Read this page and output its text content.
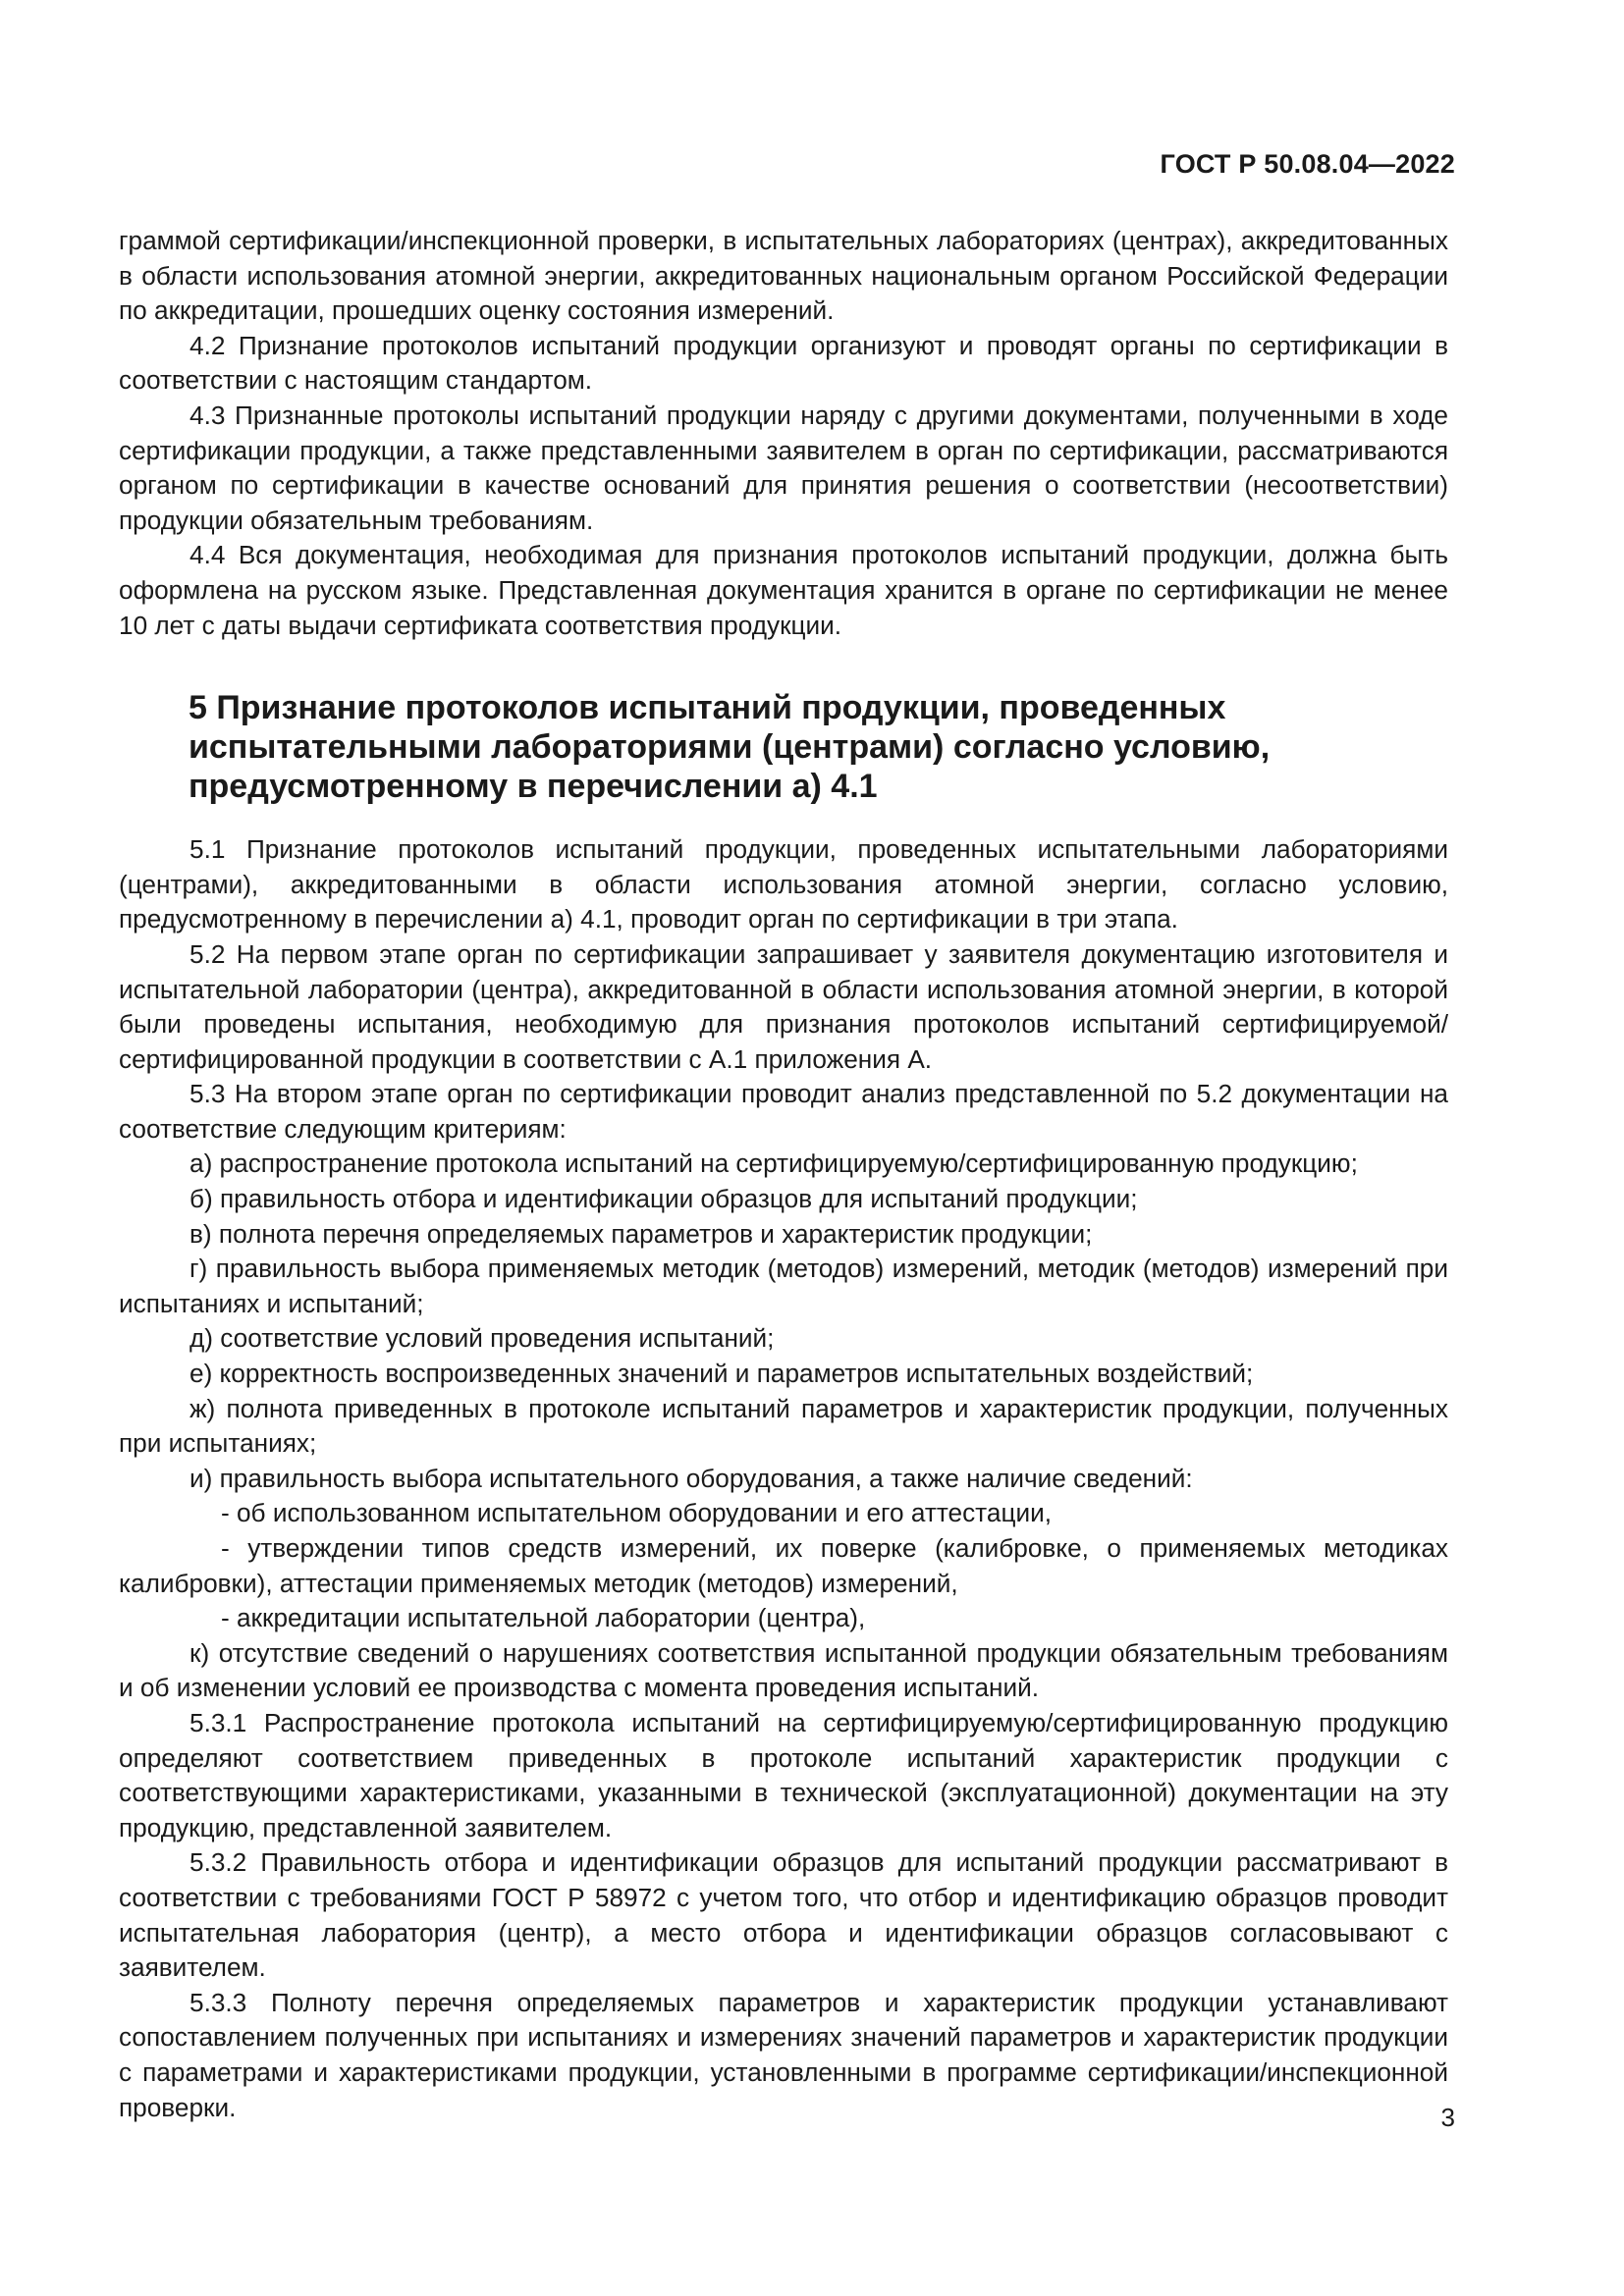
ГОСТ Р 50.08.04—2022

граммой сертификации/инспекционной проверки, в испытательных лабораториях (центрах), аккредитованных в области использования атомной энергии, аккредитованных национальным органом Российской Федерации по аккредитации, прошедших оценку состояния измерений.

4.2 Признание протоколов испытаний продукции организуют и проводят органы по сертификации в соответствии с настоящим стандартом.

4.3 Признанные протоколы испытаний продукции наряду с другими документами, полученными в ходе сертификации продукции, а также представленными заявителем в орган по сертификации, рассматриваются органом по сертификации в качестве оснований для принятия решения о соответствии (несоответствии) продукции обязательным требованиям.

4.4 Вся документация, необходимая для признания протоколов испытаний продукции, должна быть оформлена на русском языке. Представленная документация хранится в органе по сертификации не менее 10 лет с даты выдачи сертификата соответствия продукции.

5 Признание протоколов испытаний продукции, проведенных
испытательными лабораториями (центрами) согласно условию,
предусмотренному в перечислении а) 4.1

5.1 Признание протоколов испытаний продукции, проведенных испытательными лабораториями (центрами), аккредитованными в области использования атомной энергии, согласно условию, предусмотренному в перечислении а) 4.1, проводит орган по сертификации в три этапа.

5.2 На первом этапе орган по сертификации запрашивает у заявителя документацию изготовителя и испытательной лаборатории (центра), аккредитованной в области использования атомной энергии, в которой были проведены испытания, необходимую для признания протоколов испытаний сертифицируемой/сертифицированной продукции в соответствии с А.1 приложения А.

5.3 На втором этапе орган по сертификации проводит анализ представленной по 5.2 документации на соответствие следующим критериям:

а) распространение протокола испытаний на сертифицируемую/сертифицированную продукцию;

б) правильность отбора и идентификации образцов для испытаний продукции;

в) полнота перечня определяемых параметров и характеристик продукции;

г) правильность выбора применяемых методик (методов) измерений, методик (методов) измерений при испытаниях и испытаний;

д) соответствие условий проведения испытаний;

е) корректность воспроизведенных значений и параметров испытательных воздействий;

ж) полнота приведенных в протоколе испытаний параметров и характеристик продукции, полученных при испытаниях;

и) правильность выбора испытательного оборудования, а также наличие сведений:

- об использованном испытательном оборудовании и его аттестации,

- утверждении типов средств измерений, их поверке (калибровке, о применяемых методиках калибровки), аттестации применяемых методик (методов) измерений,

- аккредитации испытательной лаборатории (центра),

к) отсутствие сведений о нарушениях соответствия испытанной продукции обязательным требованиям и об изменении условий ее производства с момента проведения испытаний.

5.3.1 Распространение протокола испытаний на сертифицируемую/сертифицированную продукцию определяют соответствием приведенных в протоколе испытаний характеристик продукции с соответствующими характеристиками, указанными в технической (эксплуатационной) документации на эту продукцию, представленной заявителем.

5.3.2 Правильность отбора и идентификации образцов для испытаний продукции рассматривают в соответствии с требованиями ГОСТ Р 58972 с учетом того, что отбор и идентификацию образцов проводит испытательная лаборатория (центр), а место отбора и идентификации образцов согласовывают с заявителем.

5.3.3 Полноту перечня определяемых параметров и характеристик продукции устанавливают сопоставлением полученных при испытаниях и измерениях значений параметров и характеристик продукции с параметрами и характеристиками продукции, установленными в программе сертификации/инспекционной проверки.	3
